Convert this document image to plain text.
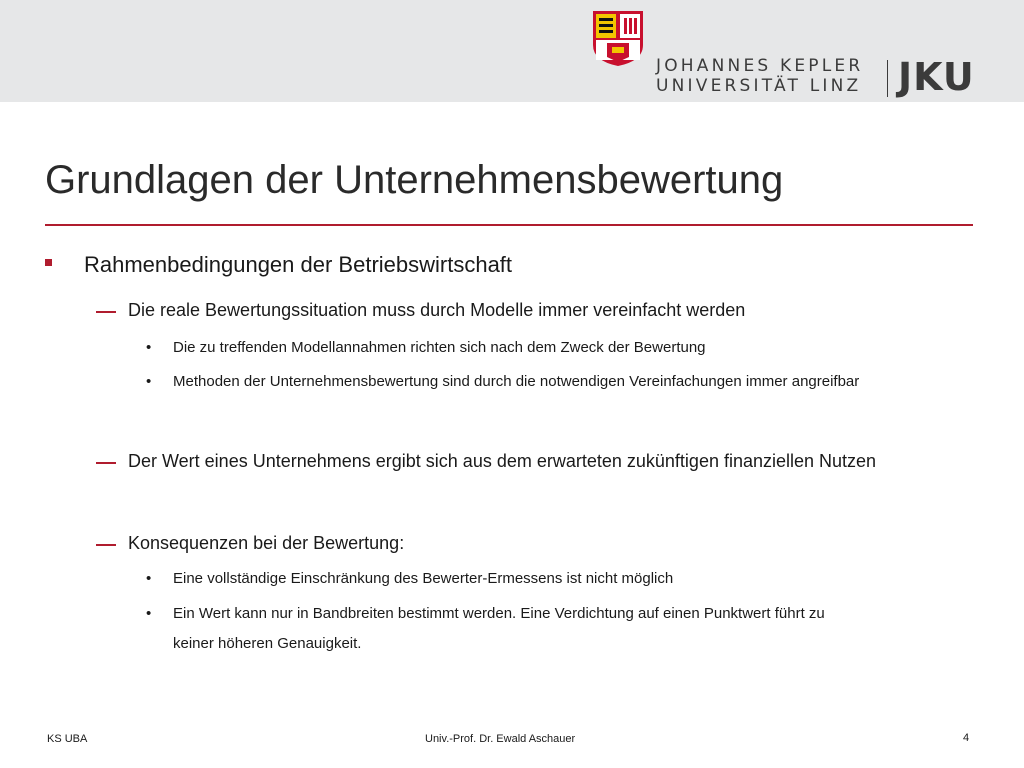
JOHANNES KEPLER
UNIVERSITÄT LINZ JKU
Grundlagen der Unternehmensbewertung
Rahmenbedingungen der Betriebswirtschaft
Die reale Bewertungssituation muss durch Modelle immer vereinfacht werden
• Die zu treffenden Modellannahmen richten sich nach dem Zweck der Bewertung
• Methoden der Unternehmensbewertung sind durch die notwendigen Vereinfachungen immer angreifbar
Der Wert eines Unternehmens ergibt sich aus dem erwarteten zukünftigen finanziellen Nutzen
Konsequenzen bei der Bewertung:
• Eine vollständige Einschränkung des Bewerter-Ermessens ist nicht möglich
• Ein Wert kann nur in Bandbreiten bestimmt werden. Eine Verdichtung auf einen Punktwert führt zu
keiner höheren Genauigkeit.
KS UBA	Univ.-Prof. Dr. Ewald Aschauer	4
